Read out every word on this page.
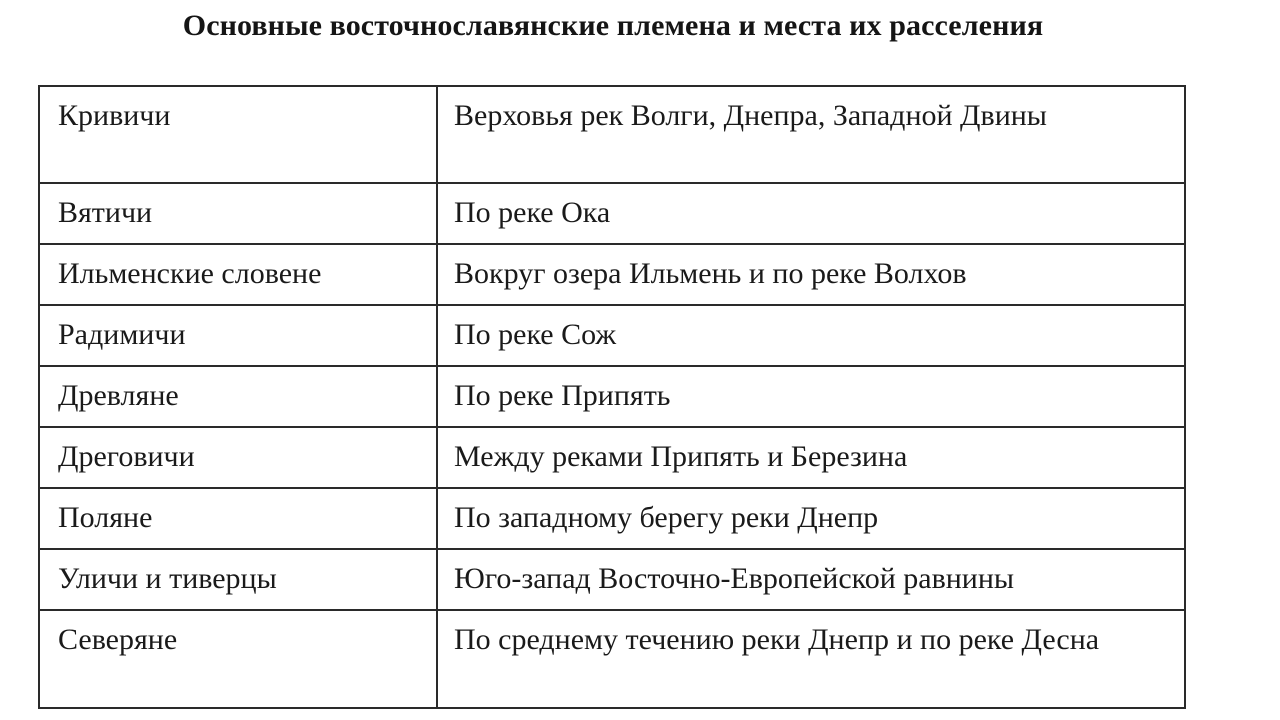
Основные восточнославянские племена и места их расселения
Кривичи	Верховья рек Волги, Днепра, Западной Двины
Вятичи	По реке Ока
Ильменские словене	Вокруг озера Ильмень и по реке Волхов
Радимичи	По реке Сож
Древляне	По реке Припять
Дреговичи	Между реками Припять и Березина
Поляне	По западному берегу реки Днепр
Уличи и тиверцы	Юго-запад Восточно-Европейской равнины
Северяне	По среднему течению реки Днепр и по реке Десна
